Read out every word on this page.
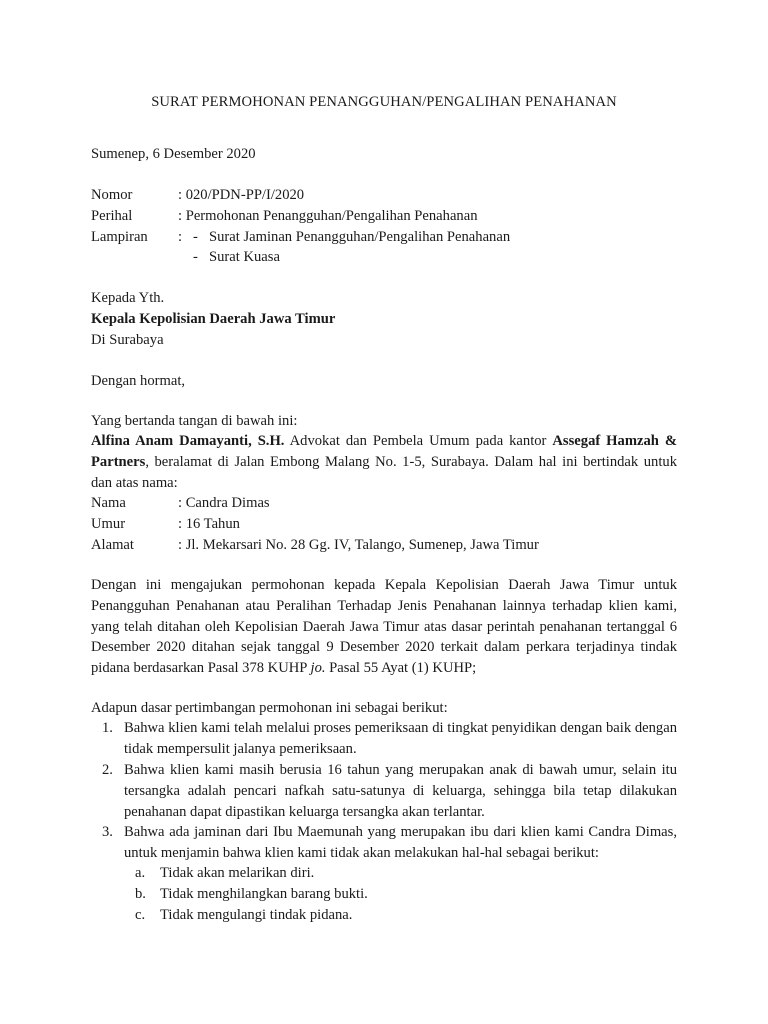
SURAT PERMOHONAN PENANGGUHAN/PENGALIHAN PENAHANAN
Sumenep, 6 Desember 2020
Nomor	: 020/PDN-PP/I/2020
Perihal	: Permohonan Penangguhan/Pengalihan Penahanan
Lampiran : - Surat Jaminan Penangguhan/Pengalihan Penahanan
- Surat Kuasa
Kepada Yth.
Kepala Kepolisian Daerah Jawa Timur
Di Surabaya
Dengan hormat,
Yang bertanda tangan di bawah ini:
Alfina Anam Damayanti, S.H. Advokat dan Pembela Umum pada kantor Assegaf Hamzah & Partners, beralamat di Jalan Embong Malang No. 1-5, Surabaya. Dalam hal ini bertindak untuk dan atas nama:
Nama	: Candra Dimas
Umur	: 16 Tahun
Alamat	: Jl. Mekarsari No. 28 Gg. IV, Talango, Sumenep, Jawa Timur
Dengan ini mengajukan permohonan kepada Kepala Kepolisian Daerah Jawa Timur untuk Penangguhan Penahanan atau Peralihan Terhadap Jenis Penahanan lainnya terhadap klien kami, yang telah ditahan oleh Kepolisian Daerah Jawa Timur atas dasar perintah penahanan tertanggal 6 Desember 2020 ditahan sejak tanggal 9 Desember 2020 terkait dalam perkara terjadinya tindak pidana berdasarkan Pasal 378 KUHP jo. Pasal 55 Ayat (1) KUHP;
Adapun dasar pertimbangan permohonan ini sebagai berikut:
1. Bahwa klien kami telah melalui proses pemeriksaan di tingkat penyidikan dengan baik dengan tidak mempersulit jalanya pemeriksaan.
2. Bahwa klien kami masih berusia 16 tahun yang merupakan anak di bawah umur, selain itu tersangka adalah pencari nafkah satu-satunya di keluarga, sehingga bila tetap dilakukan penahanan dapat dipastikan keluarga tersangka akan terlantar.
3. Bahwa ada jaminan dari Ibu Maemunah yang merupakan ibu dari klien kami Candra Dimas, untuk menjamin bahwa klien kami tidak akan melakukan hal-hal sebagai berikut:
a. Tidak akan melarikan diri.
b. Tidak menghilangkan barang bukti.
c. Tidak mengulangi tindak pidana.
